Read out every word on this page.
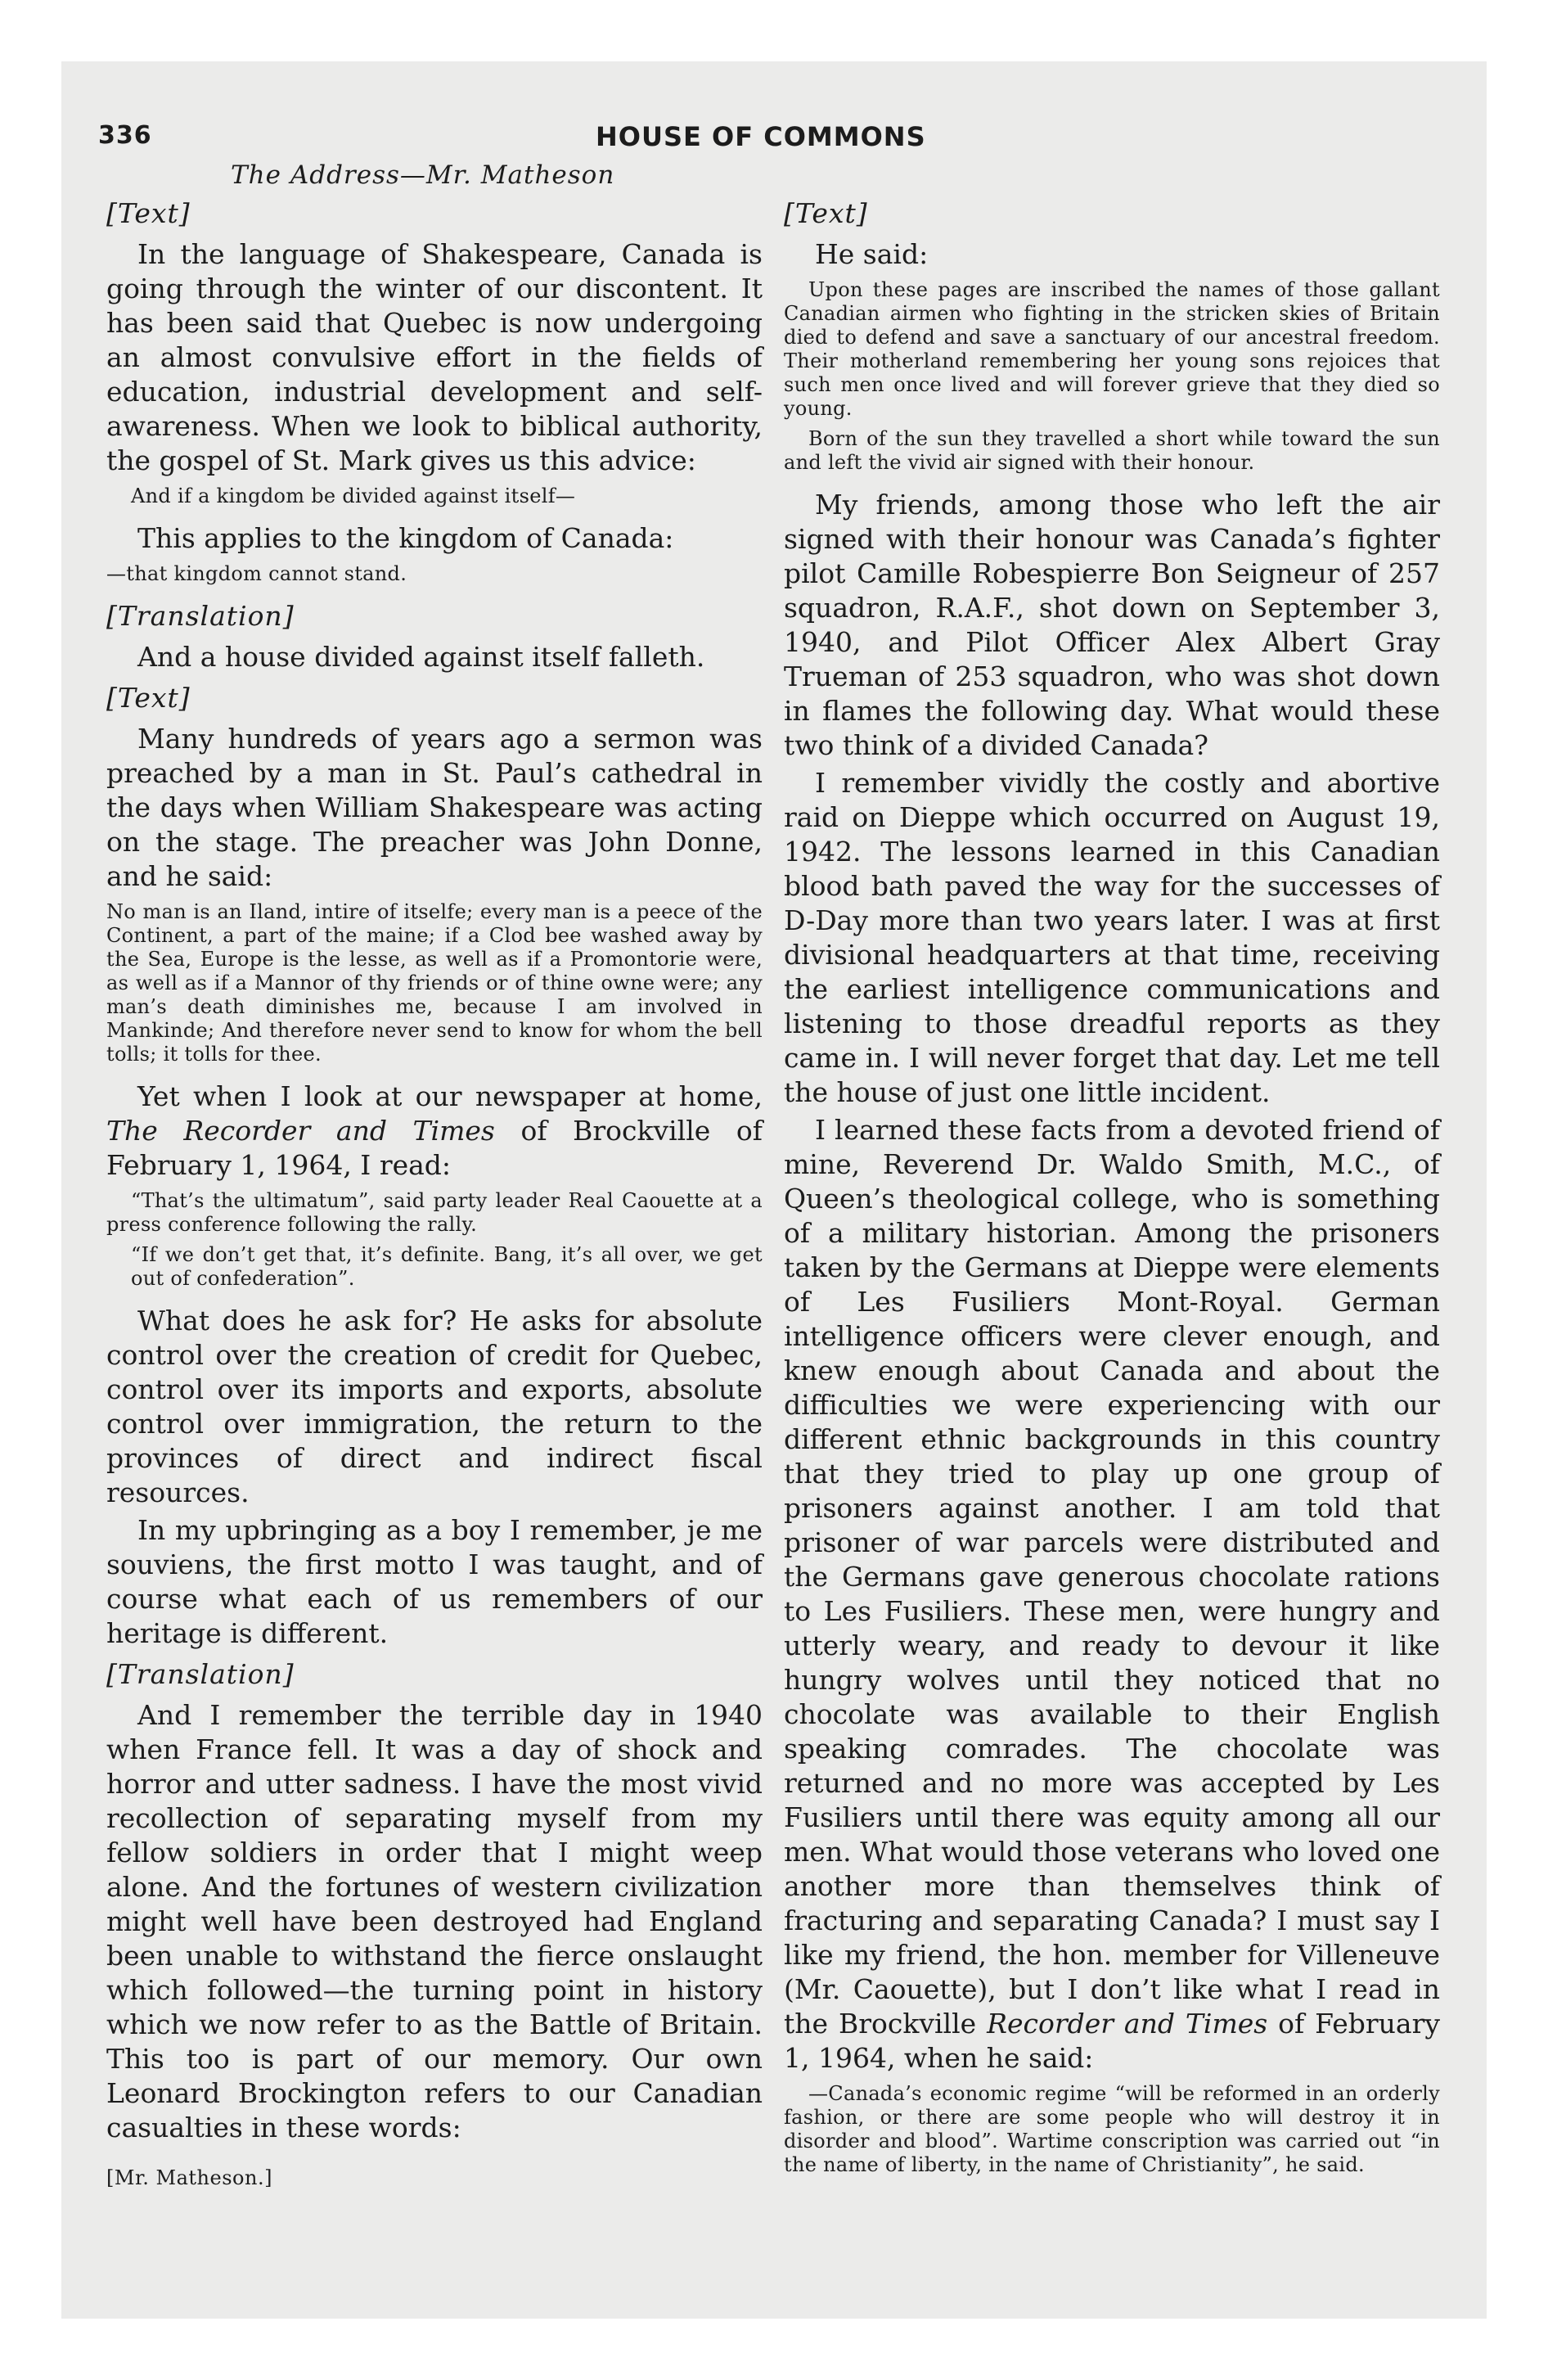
336	HOUSE OF COMMONS
The Address—Mr. Matheson
[Text]

In the language of Shakespeare, Canada is going through the winter of our discontent. It has been said that Quebec is now undergoing an almost convulsive effort in the fields of education, industrial development and self-awareness. When we look to biblical authority, the gospel of St. Mark gives us this advice:

And if a kingdom be divided against itself—

This applies to the kingdom of Canada:

—that kingdom cannot stand.
[Translation]

And a house divided against itself falleth.

[Text]

Many hundreds of years ago a sermon was preached by a man in St. Paul’s cathedral in the days when William Shakespeare was acting on the stage. The preacher was John Donne, and he said:

No man is an Iland, intire of itselfe; every man is a peece of the Continent, a part of the maine; if a Clod bee washed away by the Sea, Europe is the lesse, as well as if a Promontorie were, as well as if a Mannor of thy friends or of thine owne were; any man’s death diminishes me, because I am involved in Mankinde; And therefore never send to know for whom the bell tolls; it tolls for thee.

Yet when I look at our newspaper at home, The Recorder and Times of Brockville of February 1, 1964, I read:

“That’s the ultimatum”, said party leader Real Caouette at a press conference following the rally.
“If we don’t get that, it’s definite. Bang, it’s all over, we get out of confederation”.

What does he ask for? He asks for absolute control over the creation of credit for Quebec, control over its imports and exports, absolute control over immigration, the return to the provinces of direct and indirect fiscal resources.

In my upbringing as a boy I remember, je me souviens, the first motto I was taught, and of course what each of us remembers of our heritage is different.

[Translation]

And I remember the terrible day in 1940 when France fell. It was a day of shock and horror and utter sadness. I have the most vivid recollection of separating myself from my fellow soldiers in order that I might weep alone. And the fortunes of western civilization might well have been destroyed had England been unable to withstand the fierce onslaught which followed—the turning point in history which we now refer to as the Battle of Britain. This too is part of our memory. Our own Leonard Brockington refers to our Canadian casualties in these words:

[Mr. Matheson.]
[Text]

He said:

Upon these pages are inscribed the names of those gallant Canadian airmen who fighting in the stricken skies of Britain died to defend and save a sanctuary of our ancestral freedom. Their motherland remembering her young sons rejoices that such men once lived and will forever grieve that they died so young.
Born of the sun they travelled a short while toward the sun and left the vivid air signed with their honour.

My friends, among those who left the air signed with their honour was Canada’s fighter pilot Camille Robespierre Bon Seigneur of 257 squadron, R.A.F., shot down on September 3, 1940, and Pilot Officer Alex Albert Gray Trueman of 253 squadron, who was shot down in flames the following day. What would these two think of a divided Canada?

I remember vividly the costly and abortive raid on Dieppe which occurred on August 19, 1942. The lessons learned in this Canadian blood bath paved the way for the successes of D-Day more than two years later. I was at first divisional headquarters at that time, receiving the earliest intelligence communications and listening to those dreadful reports as they came in. I will never forget that day. Let me tell the house of just one little incident.

I learned these facts from a devoted friend of mine, Reverend Dr. Waldo Smith, M.C., of Queen’s theological college, who is something of a military historian. Among the prisoners taken by the Germans at Dieppe were elements of Les Fusiliers Mont-Royal. German intelligence officers were clever enough, and knew enough about Canada and about the difficulties we were experiencing with our different ethnic backgrounds in this country that they tried to play up one group of prisoners against another. I am told that prisoner of war parcels were distributed and the Germans gave generous chocolate rations to Les Fusiliers. These men, were hungry and utterly weary, and ready to devour it like hungry wolves until they noticed that no chocolate was available to their English speaking comrades. The chocolate was returned and no more was accepted by Les Fusiliers until there was equity among all our men. What would those veterans who loved one another more than themselves think of fracturing and separating Canada? I must say I like my friend, the hon. member for Villeneuve (Mr. Caouette), but I don’t like what I read in the Brockville Recorder and Times of February 1, 1964, when he said:

—Canada’s economic regime “will be reformed in an orderly fashion, or there are some people who will destroy it in disorder and blood”. Wartime conscription was carried out “in the name of liberty, in the name of Christianity”, he said.
